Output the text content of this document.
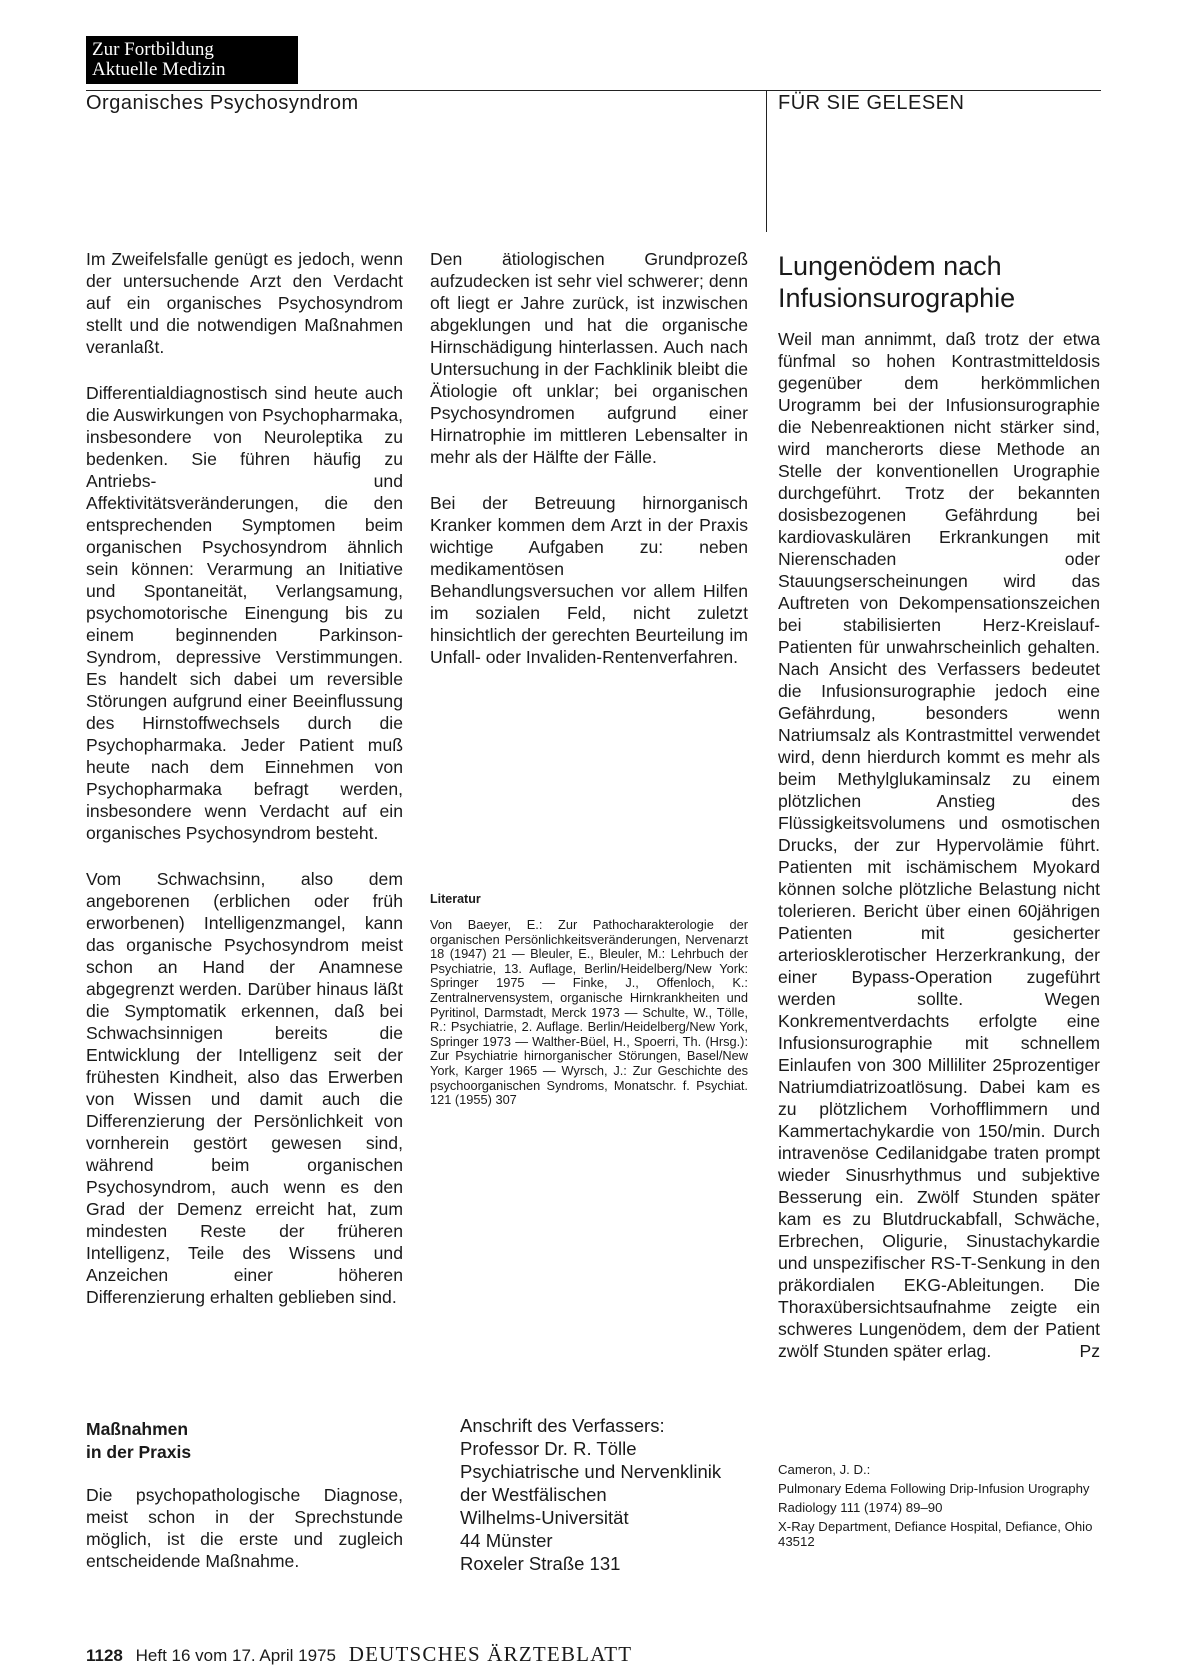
Zur Fortbildung
Aktuelle Medizin
Organisches Psychosyndrom	FÜR SIE GELESEN

Im Zweifelsfalle genügt es jedoch, wenn der untersuchende Arzt den Verdacht auf ein organisches Psychosyndrom stellt und die notwendigen Maßnahmen veranlaßt.

Differentialdiagnostisch sind heute auch die Auswirkungen von Psychopharmaka, insbesondere von Neuroleptika zu bedenken. Sie führen häufig zu Antriebs- und Affektivitätsveränderungen, die den entsprechenden Symptomen beim organischen Psychosyndrom ähnlich sein können: Verarmung an Initiative und Spontaneität, Verlangsamung, psychomotorische Einengung bis zu einem beginnenden Parkinson-Syndrom, depressive Verstimmungen. Es handelt sich dabei um reversible Störungen aufgrund einer Beeinflussung des Hirnstoffwechsels durch die Psychopharmaka. Jeder Patient muß heute nach dem Einnehmen von Psychopharmaka befragt werden, insbesondere wenn Verdacht auf ein organisches Psychosyndrom besteht.

Vom Schwachsinn, also dem angeborenen (erblichen oder früh erworbenen) Intelligenzmangel, kann das organische Psychosyndrom meist schon an Hand der Anamnese abgegrenzt werden. Darüber hinaus läßt die Symptomatik erkennen, daß bei Schwachsinnigen bereits die Entwicklung der Intelligenz seit der frühesten Kindheit, also das Erwerben von Wissen und damit auch die Differenzierung der Persönlichkeit von vornherein gestört gewesen sind, während beim organischen Psychosyndrom, auch wenn es den Grad der Demenz erreicht hat, zum mindesten Reste der früheren Intelligenz, Teile des Wissens und Anzeichen einer höheren Differenzierung erhalten geblieben sind.

Maßnahmen
in der Praxis
Die psychopathologische Diagnose, meist schon in der Sprechstunde möglich, ist die erste und zugleich entscheidende Maßnahme.

Den ätiologischen Grundprozeß aufzudecken ist sehr viel schwerer; denn oft liegt er Jahre zurück, ist inzwischen abgeklungen und hat die organische Hirnschädigung hinterlassen. Auch nach Untersuchung in der Fachklinik bleibt die Ätiologie oft unklar; bei organischen Psychosyndromen aufgrund einer Hirnatrophie im mittleren Lebensalter in mehr als der Hälfte der Fälle.

Bei der Betreuung hirnorganisch Kranker kommen dem Arzt in der Praxis wichtige Aufgaben zu: neben medikamentösen Behandlungsversuchen vor allem Hilfen im sozialen Feld, nicht zuletzt hinsichtlich der gerechten Beurteilung im Unfall- oder Invaliden-Rentenverfahren.

Literatur
Von Baeyer, E.: Zur Pathocharakterologie der organischen Persönlichkeitsveränderungen, Nervenarzt 18 (1947) 21 — Bleuler, E., Bleuler, M.: Lehrbuch der Psychiatrie, 13. Auflage, Berlin/Heidelberg/New York: Springer 1975 — Finke, J., Offenloch, K.: Zentralnervensystem, organische Hirnkrankheiten und Pyritinol, Darmstadt, Merck 1973 — Schulte, W., Tölle, R.: Psychiatrie, 2. Auflage. Berlin/Heidelberg/New York, Springer 1973 — Walther-Büel, H., Spoerri, Th. (Hrsg.): Zur Psychiatrie hirnorganischer Störungen, Basel/New York, Karger 1965 — Wyrsch, J.: Zur Geschichte des psychoorganischen Syndroms, Monatschr. f. Psychiat. 121 (1955) 307
Anschrift des Verfassers:
Professor Dr. R. Tölle
Psychiatrische und Nervenklinik
der Westfälischen
Wilhelms-Universität
44 Münster
Roxeler Straße 131
Lungenödem nach
Infusionsurographie
Weil man annimmt, daß trotz der etwa fünfmal so hohen Kontrastmitteldosis gegenüber dem herkömmlichen Urogramm bei der Infusionsurographie die Nebenreaktionen nicht stärker sind, wird mancherorts diese Methode an Stelle der konventionellen Urographie durchgeführt. Trotz der bekannten dosisbezogenen Gefährdung bei kardiovaskulären Erkrankungen mit Nierenschaden oder Stauungserscheinungen wird das Auftreten von Dekompensationszeichen bei stabilisierten Herz-Kreislauf-Patienten für unwahrscheinlich gehalten. Nach Ansicht des Verfassers bedeutet die Infusionsurographie jedoch eine Gefährdung, besonders wenn Natriumsalz als Kontrastmittel verwendet wird, denn hierdurch kommt es mehr als beim Methylglukaminsalz zu einem plötzlichen Anstieg des Flüssigkeitsvolumens und osmotischen Drucks, der zur Hypervolämie führt. Patienten mit ischämischem Myokard können solche plötzliche Belastung nicht tolerieren. Bericht über einen 60jährigen Patienten mit gesicherter arteriosklerotischer Herzerkrankung, der einer Bypass-Operation zugeführt werden sollte. Wegen Konkrementverdachts erfolgte eine Infusionsurographie mit schnellem Einlaufen von 300 Milliliter 25prozentiger Natriumdiatrizoatlösung. Dabei kam es zu plötzlichem Vorhofflimmern und Kammertachykardie von 150/min. Durch intravenöse Cedilanidgabe traten prompt wieder Sinusrhythmus und subjektive Besserung ein. Zwölf Stunden später kam es zu Blutdruckabfall, Schwäche, Erbrechen, Oligurie, Sinustachykardie und unspezifischer RS-T-Senkung in den präkordialen EKG-Ableitungen. Die Thoraxübersichtsaufnahme zeigte ein schweres Lungenödem, dem der Patient zwölf Stunden später erlag.	Pz
Cameron, J. D.:
Pulmonary Edema Following Drip-Infusion Urography
Radiology 111 (1974) 89–90
X-Ray Department, Defiance Hospital, Defiance, Ohio 43512
1128 Heft 16 vom 17. April 1975 DEUTSCHES ÄRZTEBLATT
